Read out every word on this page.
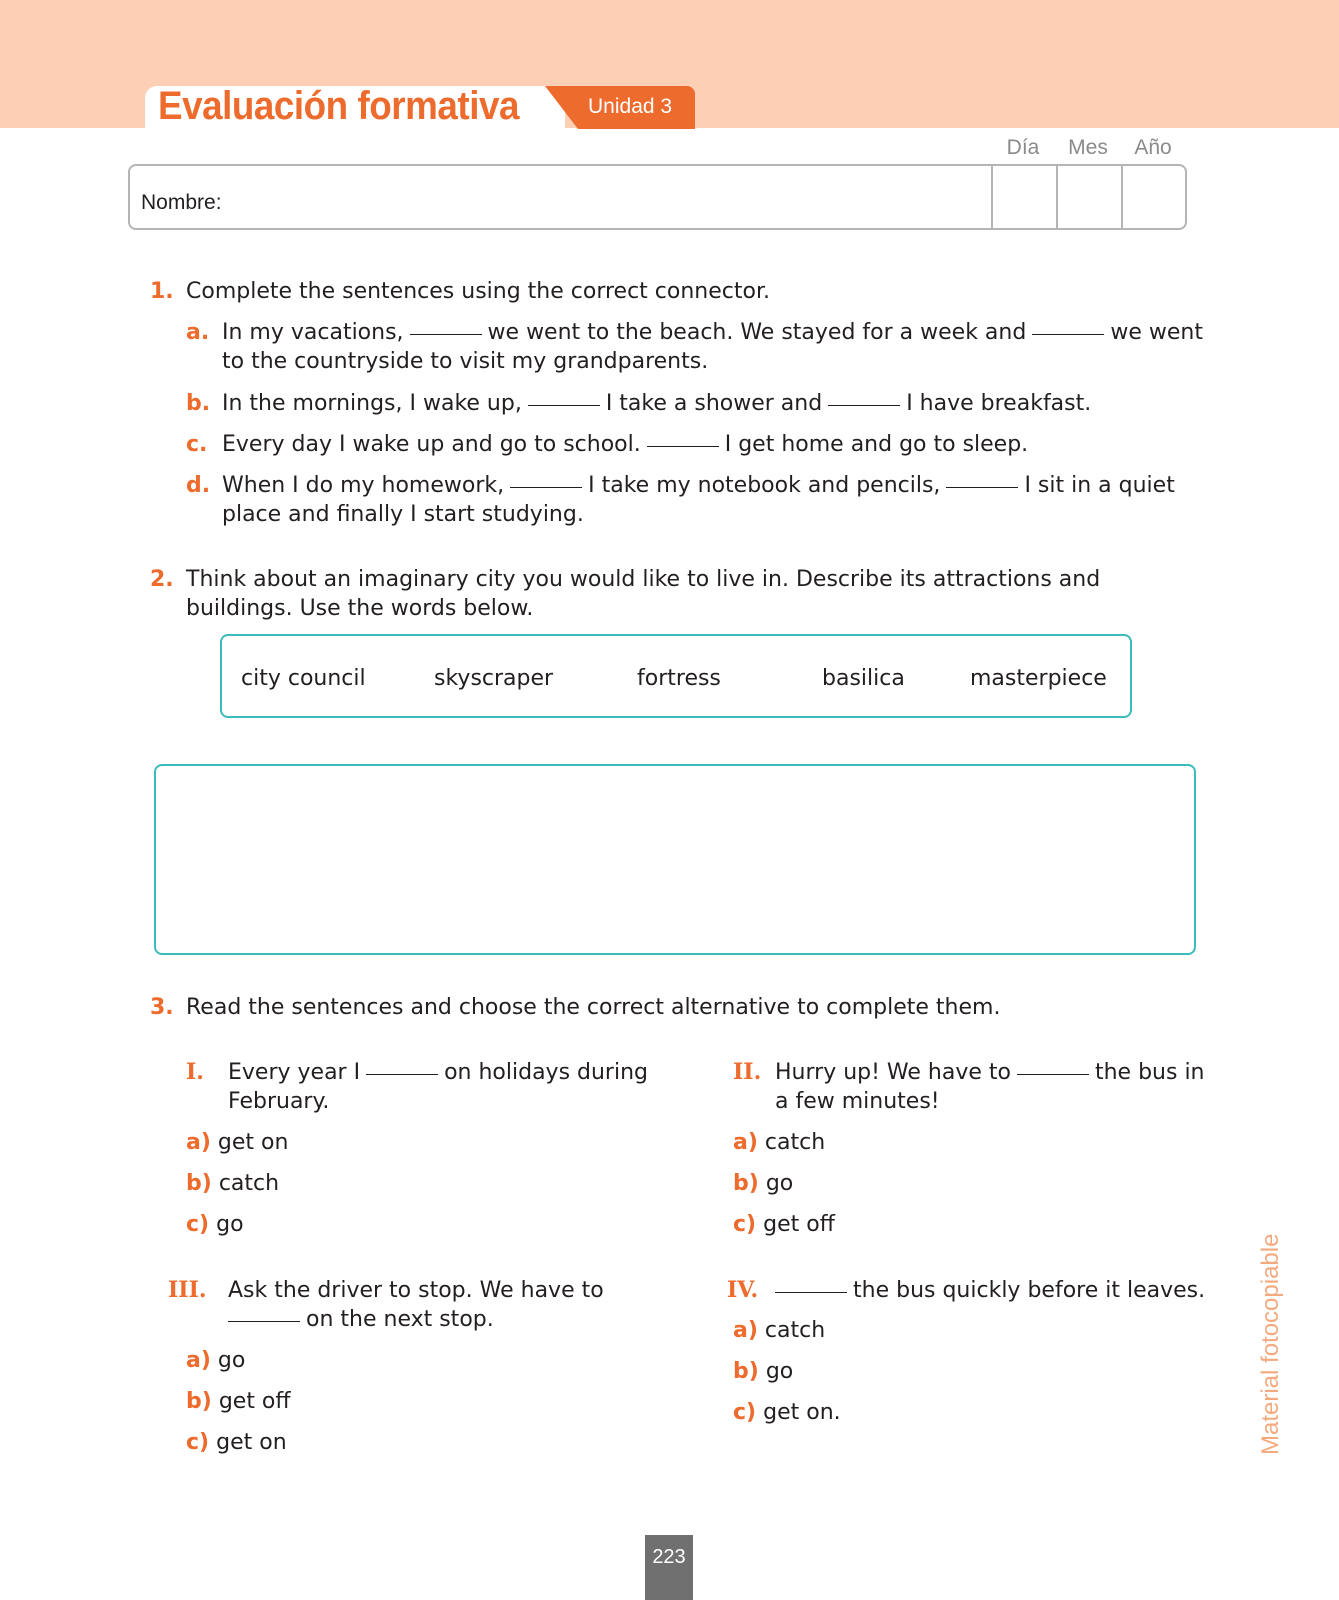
Evaluación formativa	Unidad 3
Día	Mes	Año
Nombre:
1. Complete the sentences using the correct connector.
a. In my vacations,	we went to the beach. We stayed for a week and	we went
to the countryside to visit my grandparents.
b. In the mornings, I wake up,	I take a shower and	I have breakfast.
c. Every day I wake up and go to school.	I get home and go to sleep.
d. When I do my homework,	I take my notebook and pencils,	I sit in a quiet
place and finally I start studying.
2. Think about an imaginary city you would like to live in. Describe its attractions and
buildings. Use the words below.
city council	skyscraper	fortress	basilica	masterpiece
3. Read the sentences and choose the correct alternative to complete them.
I. Every year I	on holidays during
February.
a) get on
b) catch
c) go
II. Hurry up! We have to	the bus in
a few minutes!
a) catch
b) go
c) get off
III. Ask the driver to stop. We have to
on the next stop.
a) go
b) get off
c) get on
IV.	the bus quickly before it leaves.
a) catch
b) go
c) get on.	Material fotocopiable
223
